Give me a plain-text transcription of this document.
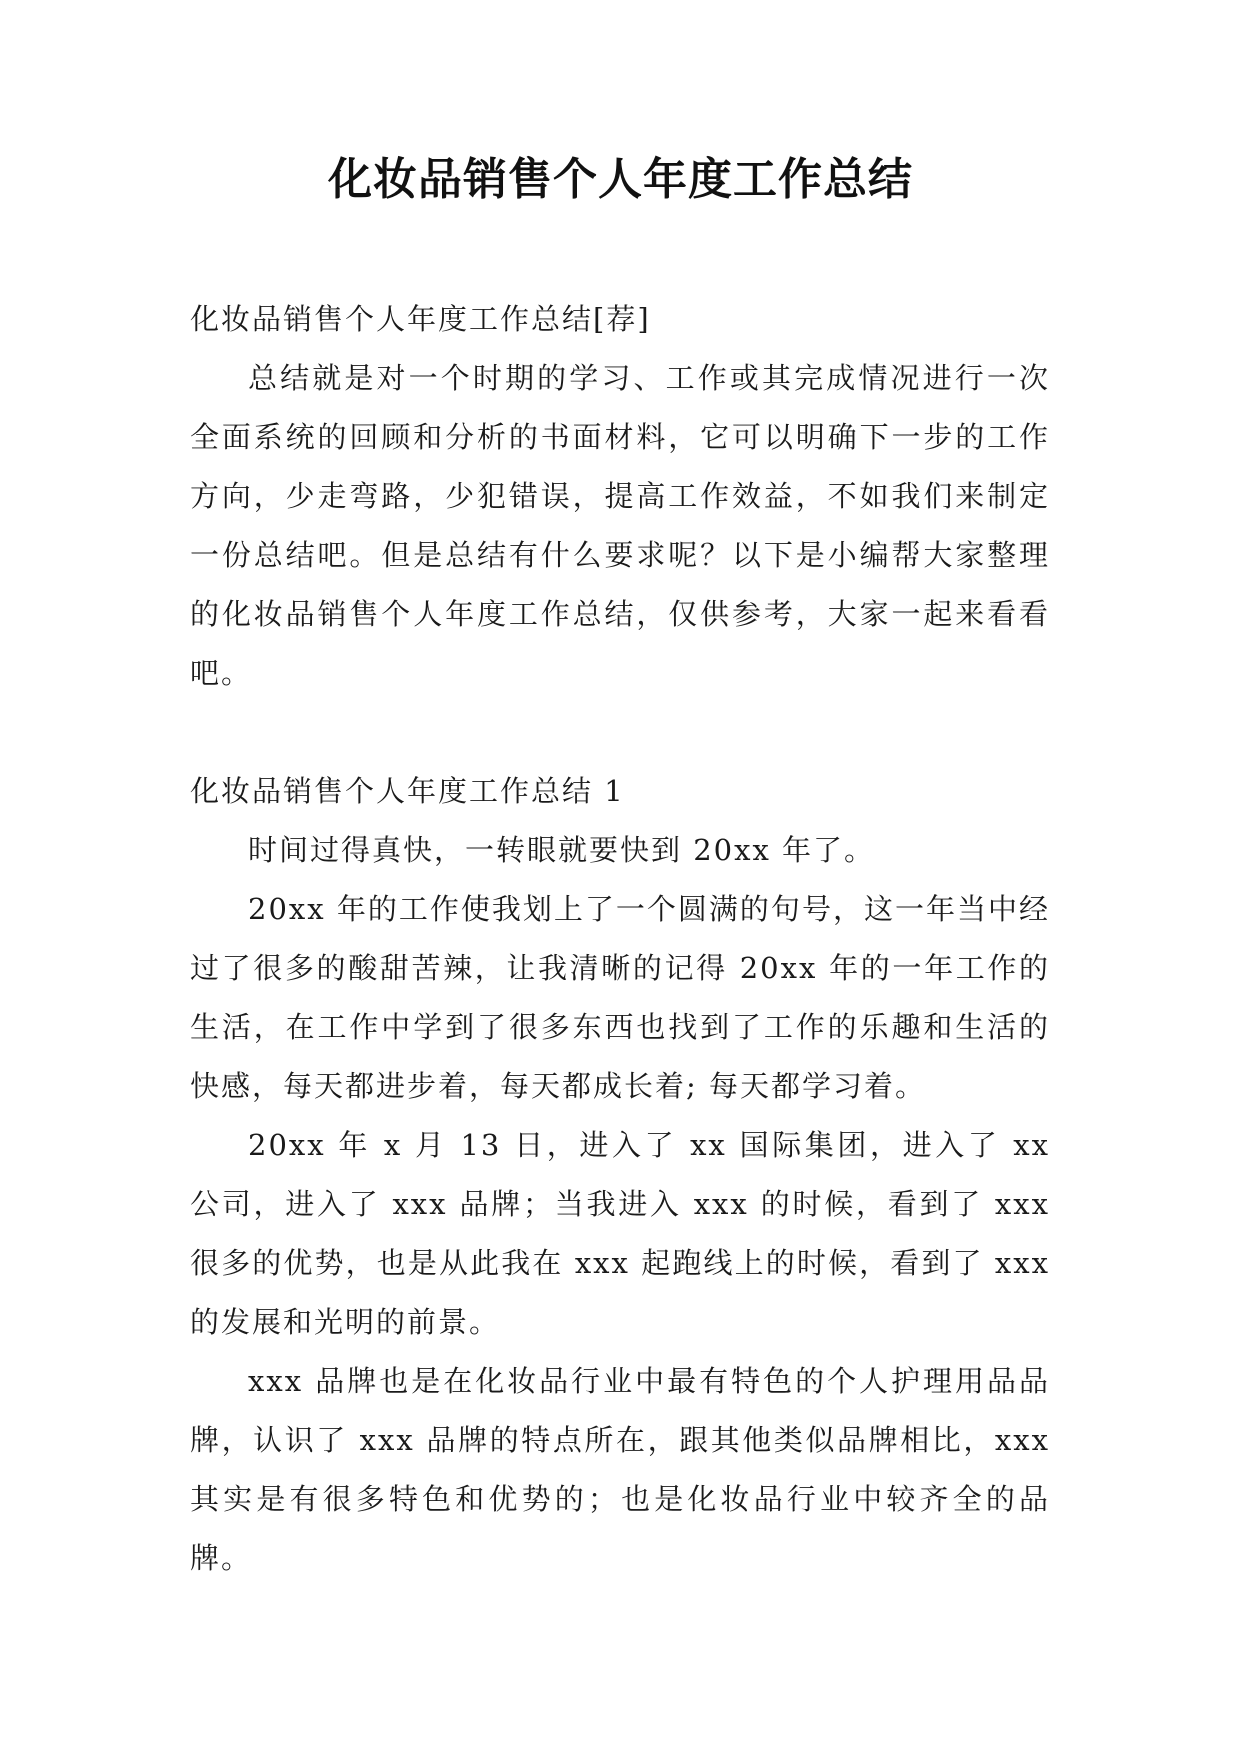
化妆品销售个人年度工作总结

化妆品销售个人年度工作总结[荐]

总结就是对一个时期的学习、工作或其完成情况进行一次全面系统的回顾和分析的书面材料，它可以明确下一步的工作方向，少走弯路，少犯错误，提高工作效益，不如我们来制定一份总结吧。但是总结有什么要求呢？以下是小编帮大家整理的化妆品销售个人年度工作总结，仅供参考，大家一起来看看吧。

化妆品销售个人年度工作总结 1

时间过得真快，一转眼就要快到 20xx 年了。

20xx 年的工作使我划上了一个圆满的句号，这一年当中经过了很多的酸甜苦辣，让我清晰的记得 20xx 年的一年工作的生活，在工作中学到了很多东西也找到了工作的乐趣和生活的快感，每天都进步着，每天都成长着; 每天都学习着。

20xx 年 x 月 13 日，进入了 xx 国际集团，进入了 xx 公司，进入了 xxx 品牌；当我进入 xxx 的时候，看到了 xxx 很多的优势，也是从此我在 xxx 起跑线上的时候，看到了 xxx 的发展和光明的前景。

xxx 品牌也是在化妆品行业中最有特色的个人护理用品品牌，认识了 xxx 品牌的特点所在，跟其他类似品牌相比，xxx 其实是有很多特色和优势的；也是化妆品行业中较齐全的品牌。
